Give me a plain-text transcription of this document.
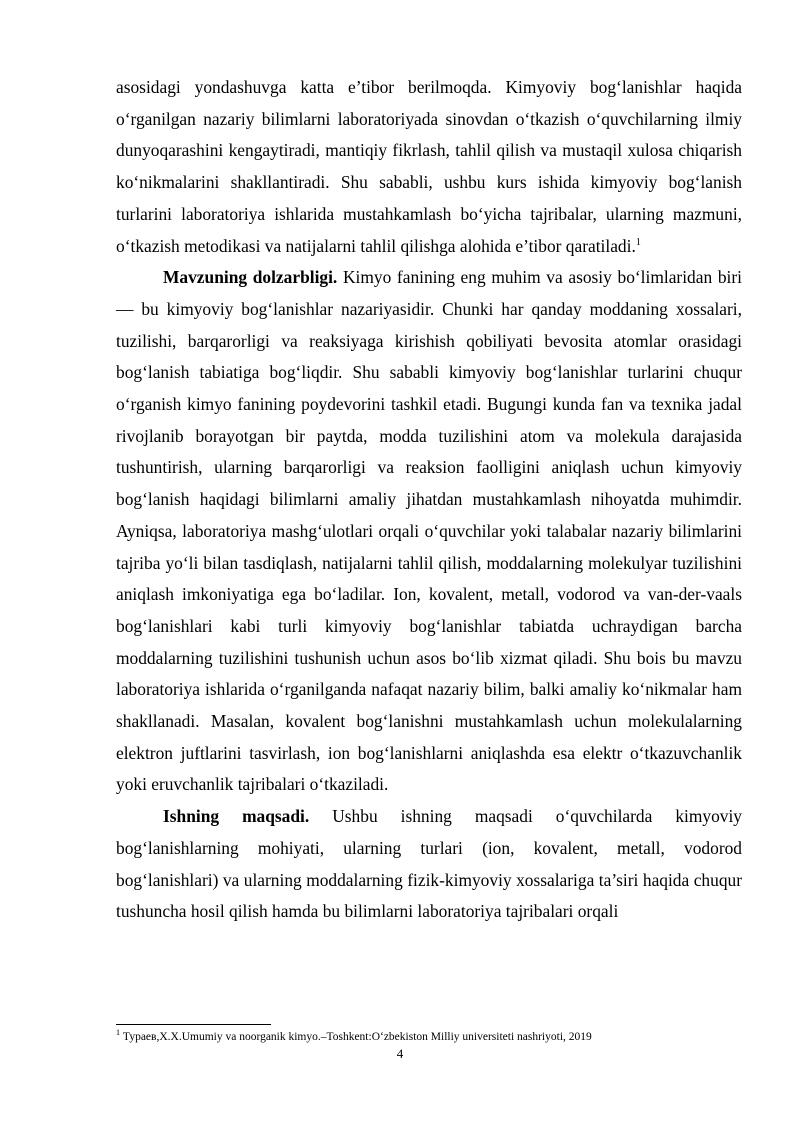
asosidagi yondashuvga katta e’tibor berilmoqda. Kimyoviy bog‘lanishlar haqida o‘rganilgan nazariy bilimlarni laboratoriyada sinovdan o‘tkazish o‘quvchilarning ilmiy dunyoqarashini kengaytiradi, mantiqiy fikrlash, tahlil qilish va mustaqil xulosa chiqarish ko‘nikmalarini shakllantiradi. Shu sababli, ushbu kurs ishida kimyoviy bog‘lanish turlarini laboratoriya ishlarida mustahkamlash bo‘yicha tajribalar, ularning mazmuni, o‘tkazish metodikasi va natijalarni tahlil qilishga alohida e’tibor qaratiladi.$^1$

Mavzuning dolzarbligi. Kimyo fanining eng muhim va asosiy bo‘limlaridan biri — bu kimyoviy bog‘lanishlar nazariyasidir. Chunki har qanday moddaning xossalari, tuzilishi, barqarorligi va reaksiyaga kirishish qobiliyati bevosita atomlar orasidagi bog‘lanish tabiatiga bog‘liqdir. Shu sababli kimyoviy bog‘lanishlar turlarini chuqur o‘rganish kimyo fanining poydevorini tashkil etadi. Bugungi kunda fan va texnika jadal rivojlanib borayotgan bir paytda, modda tuzilishini atom va molekula darajasida tushuntirish, ularning barqarorligi va reaksion faolligini aniqlash uchun kimyoviy bog‘lanish haqidagi bilimlarni amaliy jihatdan mustahkamlash nihoyatda muhimdir. Ayniqsa, laboratoriya mashg‘ulotlari orqali o‘quvchilar yoki talabalar nazariy bilimlarini tajriba yo‘li bilan tasdiqlash, natijalarni tahlil qilish, moddalarning molekulyar tuzilishini aniqlash imkoniyatiga ega bo‘ladilar. Ion, kovalent, metall, vodorod va van-der-vaals bog‘lanishlari kabi turli kimyoviy bog‘lanishlar tabiatda uchraydigan barcha moddalarning tuzilishini tushunish uchun asos bo‘lib xizmat qiladi. Shu bois bu mavzu laboratoriya ishlarida o‘rganilganda nafaqat nazariy bilim, balki amaliy ko‘nikmalar ham shakllanadi. Masalan, kovalent bog‘lanishni mustahkamlash uchun molekulalarning elektron juftlarini tasvirlash, ion bog‘lanishlarni aniqlashda esa elektr o‘tkazuvchanlik yoki eruvchanlik tajribalari o‘tkaziladi.

Ishning maqsadi. Ushbu ishning maqsadi o‘quvchilarda kimyoviy bog‘lanishlarning mohiyati, ularning turlari (ion, kovalent, metall, vodorod bog‘lanishlari) va ularning moddalarning fizik-kimyoviy xossalariga ta’siri haqida chuqur tushuncha hosil qilish hamda bu bilimlarni laboratoriya tajribalari orqali

$^1$ Тураев,X.X.Umumiy va noorganik kimyo.–Toshkent:O‘zbekiston Milliy universiteti nashriyoti, 2019
4
